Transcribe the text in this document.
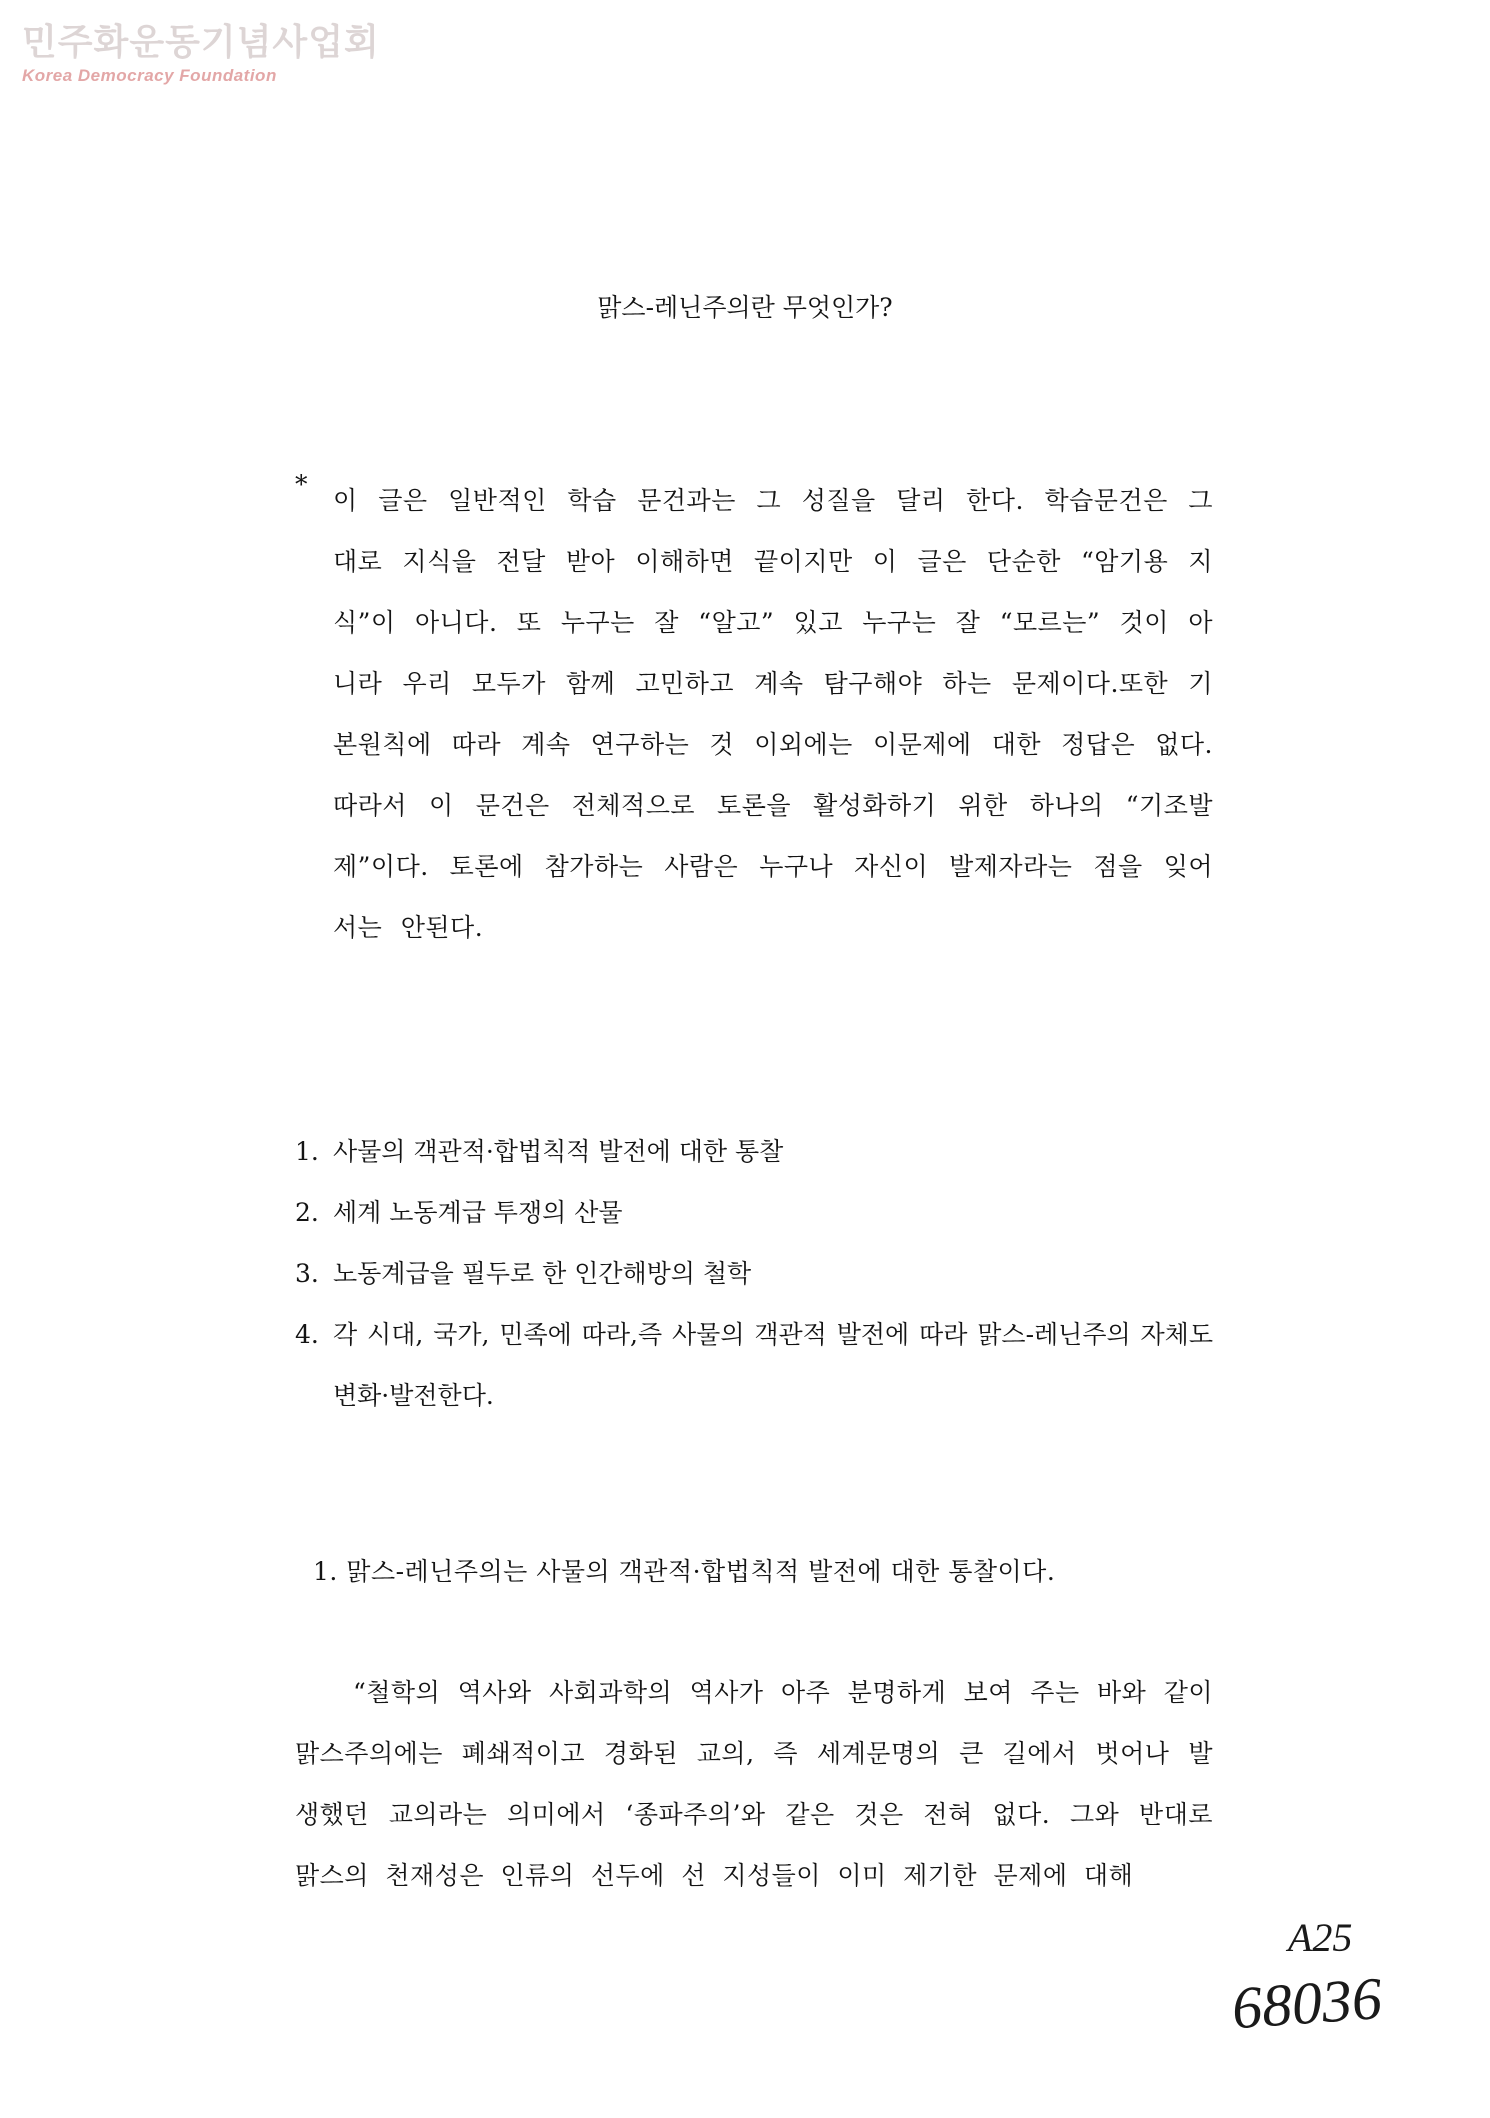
민주화운동기념사업회
Korea Democracy Foundation
맑스-레닌주의란 무엇인가?
*
이 글은 일반적인 학습 문건과는 그 성질을 달리 한다. 학습문건은 그대로 지식을 전달 받아 이해하면 끝이지만 이 글은 단순한 “암기용 지식”이 아니다. 또 누구는 잘 “알고” 있고 누구는 잘 “모르는” 것이 아니라 우리 모두가 함께 고민하고 계속 탐구해야 하는 문제이다.또한 기본원칙에 따라 계속 연구하는 것 이외에는 이문제에 대한 정답은 없다. 따라서 이 문건은 전체적으로 토론을 활성화하기 위한 하나의 “기조발제”이다. 토론에 참가하는 사람은 누구나 자신이 발제자라는 점을 잊어서는 안된다.
1. 사물의 객관적·합법칙적 발전에 대한 통찰
2. 세계 노동계급 투쟁의 산물
3. 노동계급을 필두로 한 인간해방의 철학
4. 각 시대, 국가, 민족에 따라,즉 사물의 객관적 발전에 따라 맑스-레닌주의 자체도 변화·발전한다.
1. 맑스-레닌주의는 사물의 객관적·합법칙적 발전에 대한 통찰이다.
“철학의 역사와 사회과학의 역사가 아주 분명하게 보여 주는 바와 같이 맑스주의에는 폐쇄적이고 경화된 교의, 즉 세계문명의 큰 길에서 벗어나 발생했던 교의라는 의미에서 ‘종파주의’와 같은 것은 전혀 없다. 그와 반대로 맑스의 천재성은 인류의 선두에 선 지성들이 이미 제기한 문제에 대해
A25
68036
